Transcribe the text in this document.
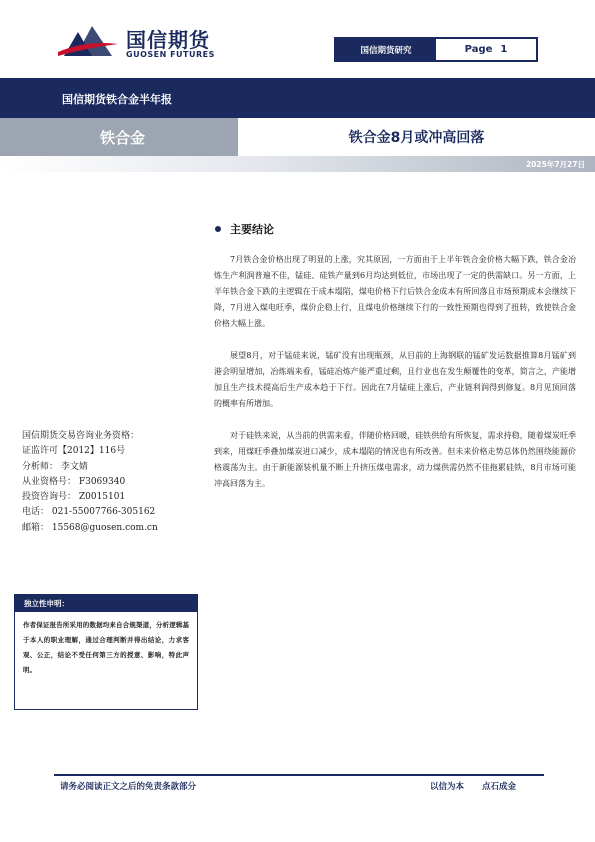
国信期货
GUOSEN FUTURES	国信期货研究	Page 1
国信期货铁合金半年报
铁合金	铁合金8月或冲高回落
2025年7月27日
主要结论

7月铁合金价格出现了明显的上涨，究其原因，一方面由于上半年铁合金价格大幅下跌，铁合金冶炼生产利润普遍不佳，锰硅、硅铁产量到6月均达到低位，市场出现了一定的供需缺口。另一方面，上半年铁合金下跌的主逻辑在于成本塌陷，煤电价格下行后铁合金成本有所回落且市场预期成本会继续下降，7月进入煤电旺季，煤价企稳上行，且煤电价格继续下行的一致性预期也得到了扭转，致使铁合金价格大幅上涨。

展望8月，对于锰硅来说，锰矿没有出现瓶颈，从目前的上海钢联的锰矿发运数据推算8月锰矿到港会明显增加，冶炼端来看，锰硅冶炼产能严重过剩，且行业也在发生颠覆性的变革，简言之，产能增加且生产技术提高后生产成本趋于下行。因此在7月锰硅上涨后，产业链利润得到修复。8月见顶回落的概率有所增加。

对于硅铁来说，从当前的供需来看，伴随价格回暖，硅铁供给有所恢复，需求持稳，随着煤炭旺季到来，用煤旺季叠加煤炭进口减少，成本塌陷的情况也有所改善。但未来价格走势总体仍然围绕能源价格震荡为主。由于新能源装机量不断上升挤压煤电需求，动力煤供需仍然不佳拖累硅铁，8月市场可能冲高回落为主。

国信期货交易咨询业务资格：
证监许可【2012】116号
分析师： 李文婧
从业资格号： F3069340
投资咨询号： Z0015101
电话： 021-55007766-305162
邮箱： 15568@guosen.com.cn
独立性申明：
作者保证报告所采用的数据均来自合规渠道，分析逻辑基于本人的职业理解，通过合理判断并得出结论，力求客观、公正，结论不受任何第三方的授意、影响，特此声明。
请务必阅读正文之后的免责条款部分	以信为本 点石成金
